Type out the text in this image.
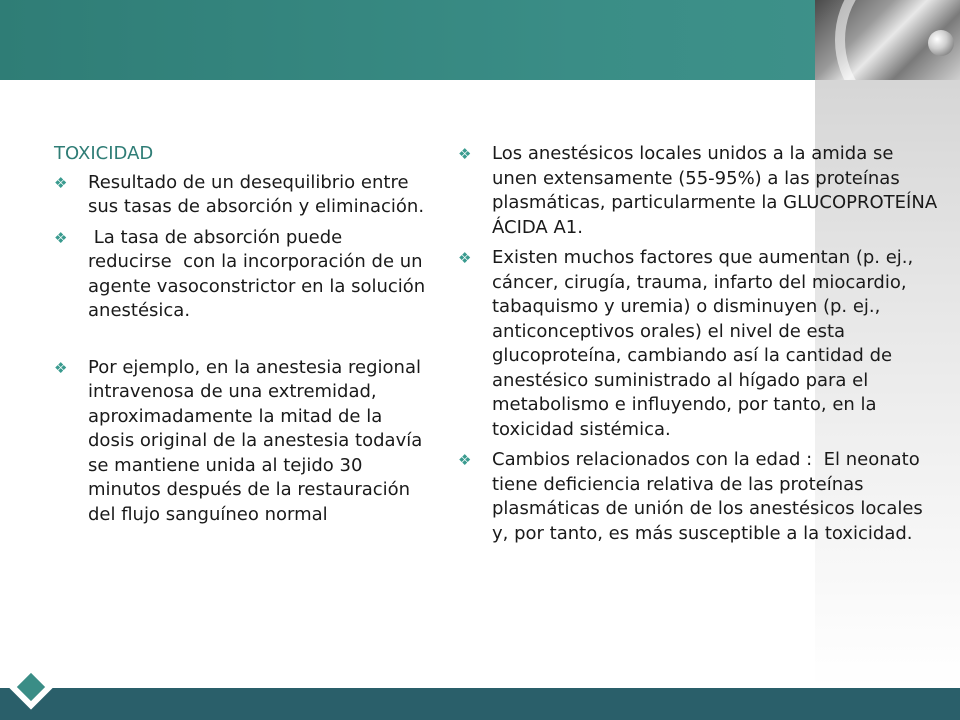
TOXICIDAD
❖ Resultado de un desequilibrio entre sus tasas de absorción y eliminación.
❖ La tasa de absorción puede reducirse  con la incorporación de un agente vasoconstrictor en la solución anestésica.
❖ Por ejemplo, en la anestesia regional intravenosa de una extremidad, aproximadamente la mitad de la dosis original de la anestesia todavía se mantiene unida al tejido 30 minutos después de la restauración del flujo sanguíneo normal
❖ Los anestésicos locales unidos a la amida se unen extensamente (55-95%) a las proteínas plasmáticas, particularmente la GLUCOPROTEÍNA ÁCIDA A1.
❖ Existen muchos factores que aumentan (p. ej., cáncer, cirugía, trauma, infarto del miocardio, tabaquismo y uremia) o disminuyen (p. ej., anticonceptivos orales) el nivel de esta glucoproteína, cambiando así la cantidad de anestésico suministrado al hígado para el metabolismo e influyendo, por tanto, en la toxicidad sistémica.
❖ Cambios relacionados con la edad :  El neonato tiene deficiencia relativa de las proteínas plasmáticas de unión de los anestésicos locales y, por tanto, es más susceptible a la toxicidad.
